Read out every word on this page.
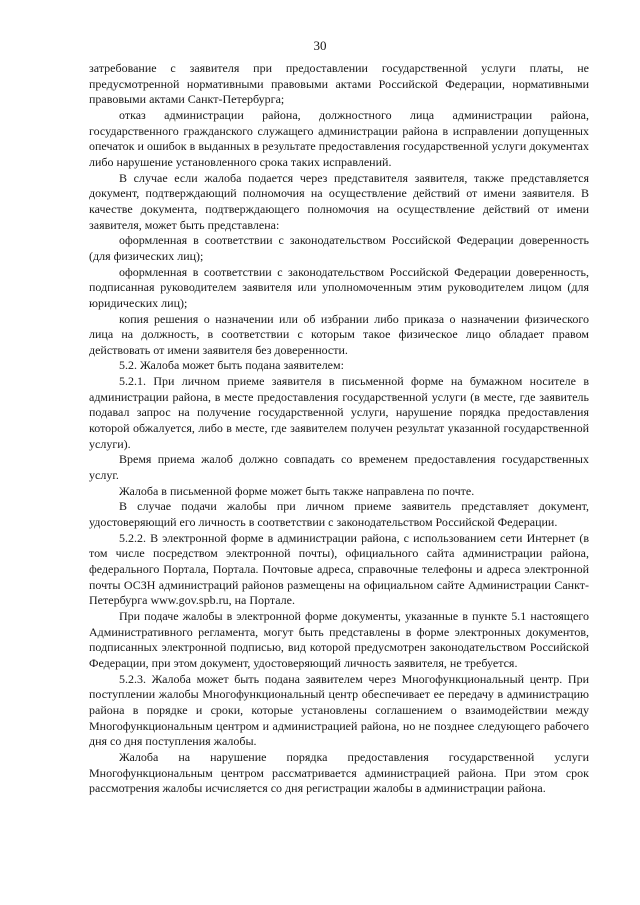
30

затребование с заявителя при предоставлении государственной услуги платы, не предусмотренной нормативными правовыми актами Российской Федерации, нормативными правовыми актами Санкт-Петербурга;

отказ администрации района, должностного лица администрации района, государственного гражданского служащего администрации района в исправлении допущенных опечаток и ошибок в выданных в результате предоставления государственной услуги документах либо нарушение установленного срока таких исправлений.

В случае если жалоба подается через представителя заявителя, также представляется документ, подтверждающий полномочия на осуществление действий от имени заявителя. В качестве документа, подтверждающего полномочия на осуществление действий от имени заявителя, может быть представлена:

оформленная в соответствии с законодательством Российской Федерации доверенность (для физических лиц);

оформленная в соответствии с законодательством Российской Федерации доверенность, подписанная руководителем заявителя или уполномоченным этим руководителем лицом (для юридических лиц);

копия решения о назначении или об избрании либо приказа о назначении физического лица на должность, в соответствии с которым такое физическое лицо обладает правом действовать от имени заявителя без доверенности.

5.2. Жалоба может быть подана заявителем:

5.2.1. При личном приеме заявителя в письменной форме на бумажном носителе в администрации района, в месте предоставления государственной услуги (в месте, где заявитель подавал запрос на получение государственной услуги, нарушение порядка предоставления которой обжалуется, либо в месте, где заявителем получен результат указанной государственной услуги).

Время приема жалоб должно совпадать со временем предоставления государственных услуг.

Жалоба в письменной форме может быть также направлена по почте.

В случае подачи жалобы при личном приеме заявитель представляет документ, удостоверяющий его личность в соответствии с законодательством Российской Федерации.

5.2.2. В электронной форме в администрации района, с использованием сети Интернет (в том числе посредством электронной почты), официального сайта администрации района, федерального Портала, Портала. Почтовые адреса, справочные телефоны и адреса электронной почты ОСЗН администраций районов размещены на официальном сайте Администрации Санкт-Петербурга www.gov.spb.ru, на Портале.

При подаче жалобы в электронной форме документы, указанные в пункте 5.1 настоящего Административного регламента, могут быть представлены в форме электронных документов, подписанных электронной подписью, вид которой предусмотрен законодательством Российской Федерации, при этом документ, удостоверяющий личность заявителя, не требуется.

5.2.3. Жалоба может быть подана заявителем через Многофункциональный центр. При поступлении жалобы Многофункциональный центр обеспечивает ее передачу в администрацию района в порядке и сроки, которые установлены соглашением о взаимодействии между Многофункциональным центром и администрацией района, но не позднее следующего рабочего дня со дня поступления жалобы.

Жалоба на нарушение порядка предоставления государственной услуги Многофункциональным центром рассматривается администрацией района. При этом срок рассмотрения жалобы исчисляется со дня регистрации жалобы в администрации района.
